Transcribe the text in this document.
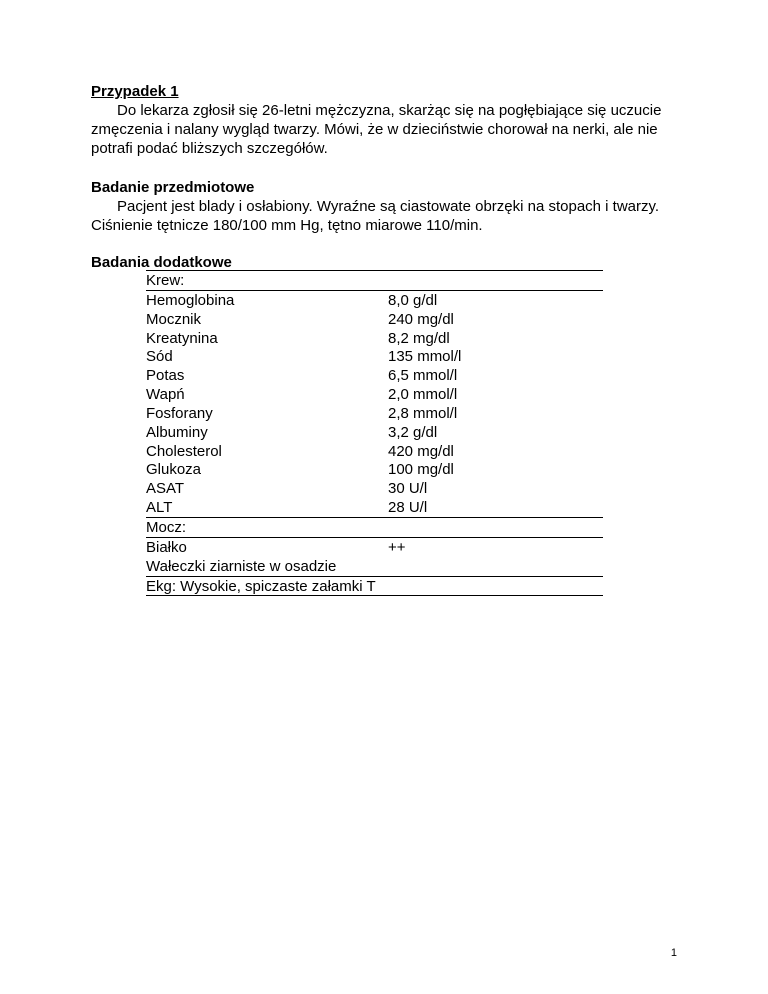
Przypadek 1

Do lekarza zgłosił się 26-letni mężczyzna, skarżąc się na pogłębiające się uczucie zmęczenia i nalany wygląd twarzy. Mówi, że w dzieciństwie chorował na nerki, ale nie potrafi podać bliższych szczegółów.

Badanie przedmiotowe

Pacjent jest blady i osłabiony. Wyraźne są ciastowate obrzęki na stopach i twarzy. Ciśnienie tętnicze 180/100 mm Hg, tętno miarowe 110/min.

Badania dodatkowe

Krew:
Hemoglobina	8,0 g/dl
Mocznik	240 mg/dl
Kreatynina	8,2 mg/dl
Sód	135 mmol/l
Potas	6,5 mmol/l
Wapń	2,0 mmol/l
Fosforany	2,8 mmol/l
Albuminy	3,2 g/dl
Cholesterol	420 mg/dl
Glukoza	100 mg/dl
ASAT	30 U/l
ALT	28 U/l
Mocz:
Białko	++
Wałeczki ziarniste w osadzie
Ekg: Wysokie, spiczaste załamki T
1
